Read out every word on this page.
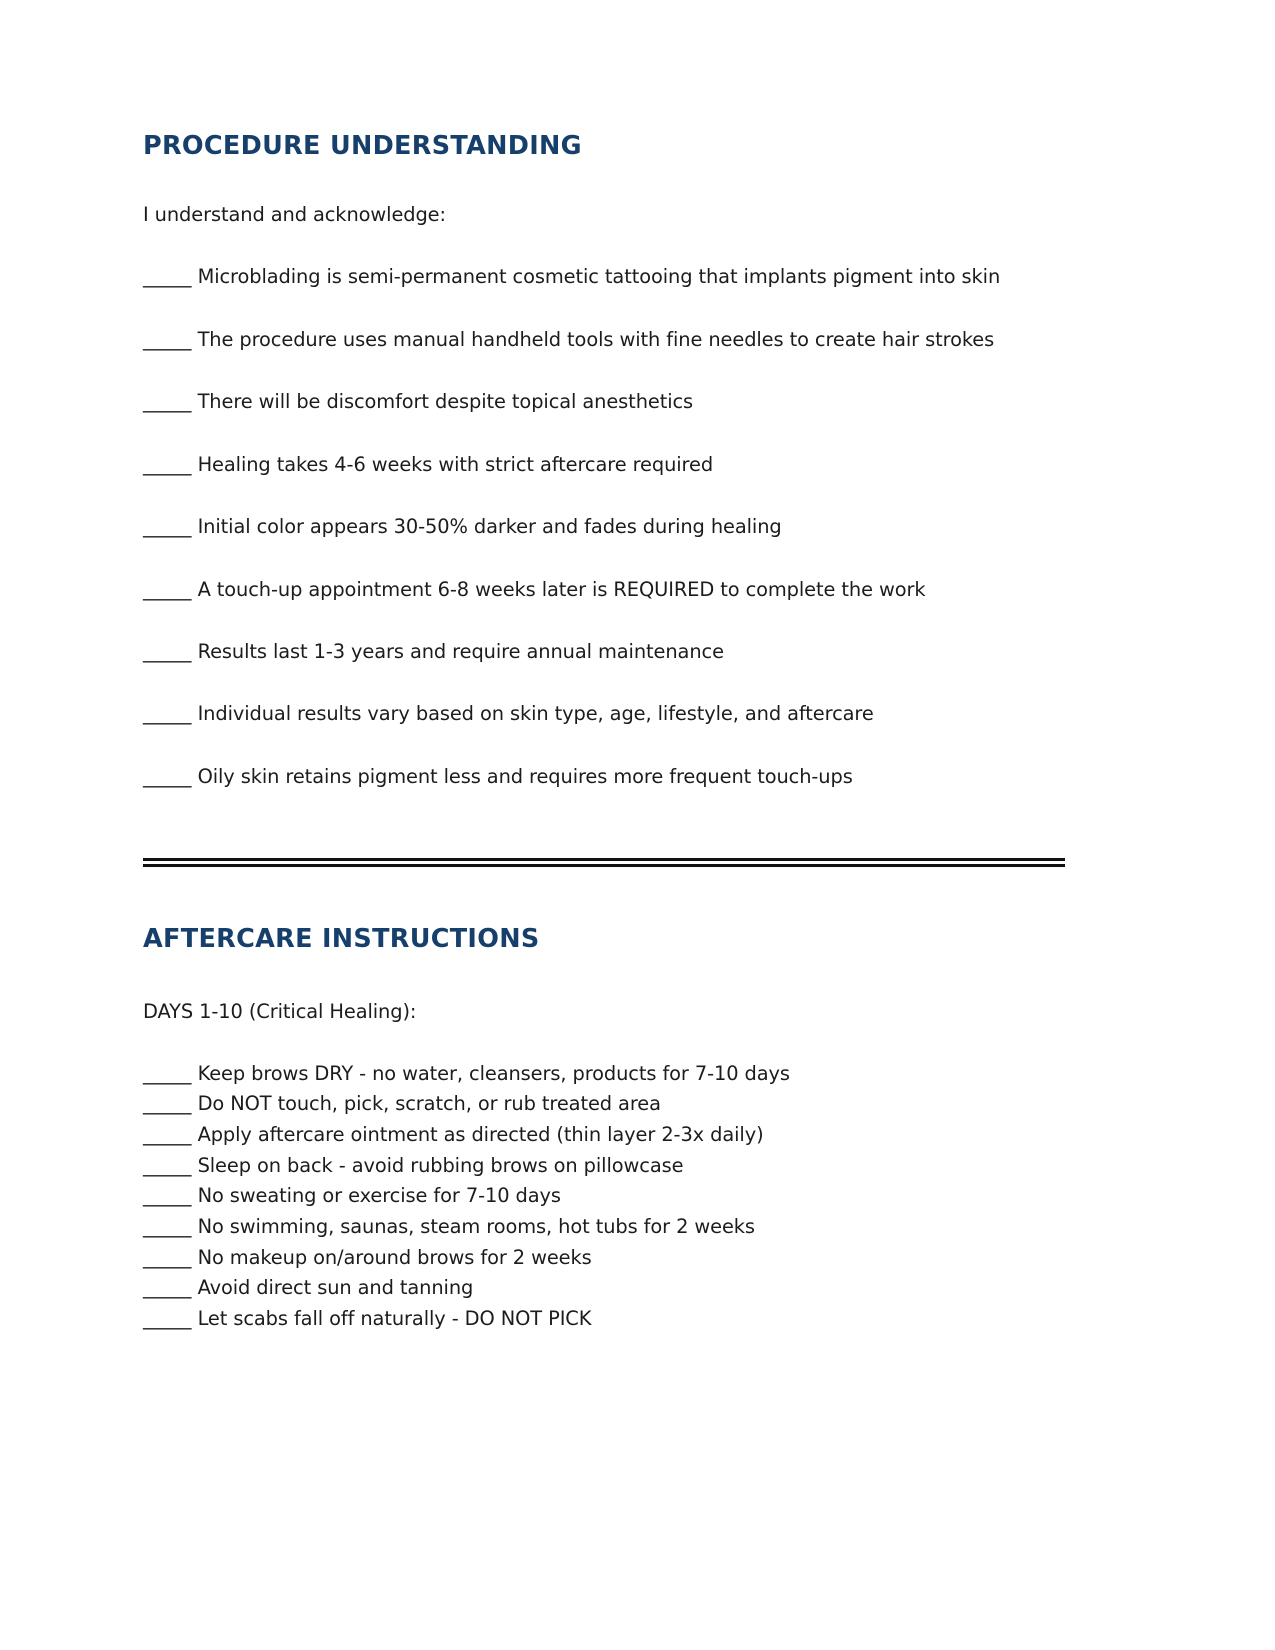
PROCEDURE UNDERSTANDING

I understand and acknowledge:

_____ Microblading is semi-permanent cosmetic tattooing that implants pigment into skin

_____ The procedure uses manual handheld tools with fine needles to create hair strokes

_____ There will be discomfort despite topical anesthetics

_____ Healing takes 4-6 weeks with strict aftercare required

_____ Initial color appears 30-50% darker and fades during healing

_____ A touch-up appointment 6-8 weeks later is REQUIRED to complete the work

_____ Results last 1-3 years and require annual maintenance

_____ Individual results vary based on skin type, age, lifestyle, and aftercare

_____ Oily skin retains pigment less and requires more frequent touch-ups

AFTERCARE INSTRUCTIONS

DAYS 1-10 (Critical Healing):

_____ Keep brows DRY - no water, cleansers, products for 7-10 days
_____ Do NOT touch, pick, scratch, or rub treated area
_____ Apply aftercare ointment as directed (thin layer 2-3x daily)
_____ Sleep on back - avoid rubbing brows on pillowcase
_____ No sweating or exercise for 7-10 days
_____ No swimming, saunas, steam rooms, hot tubs for 2 weeks
_____ No makeup on/around brows for 2 weeks
_____ Avoid direct sun and tanning
_____ Let scabs fall off naturally - DO NOT PICK
